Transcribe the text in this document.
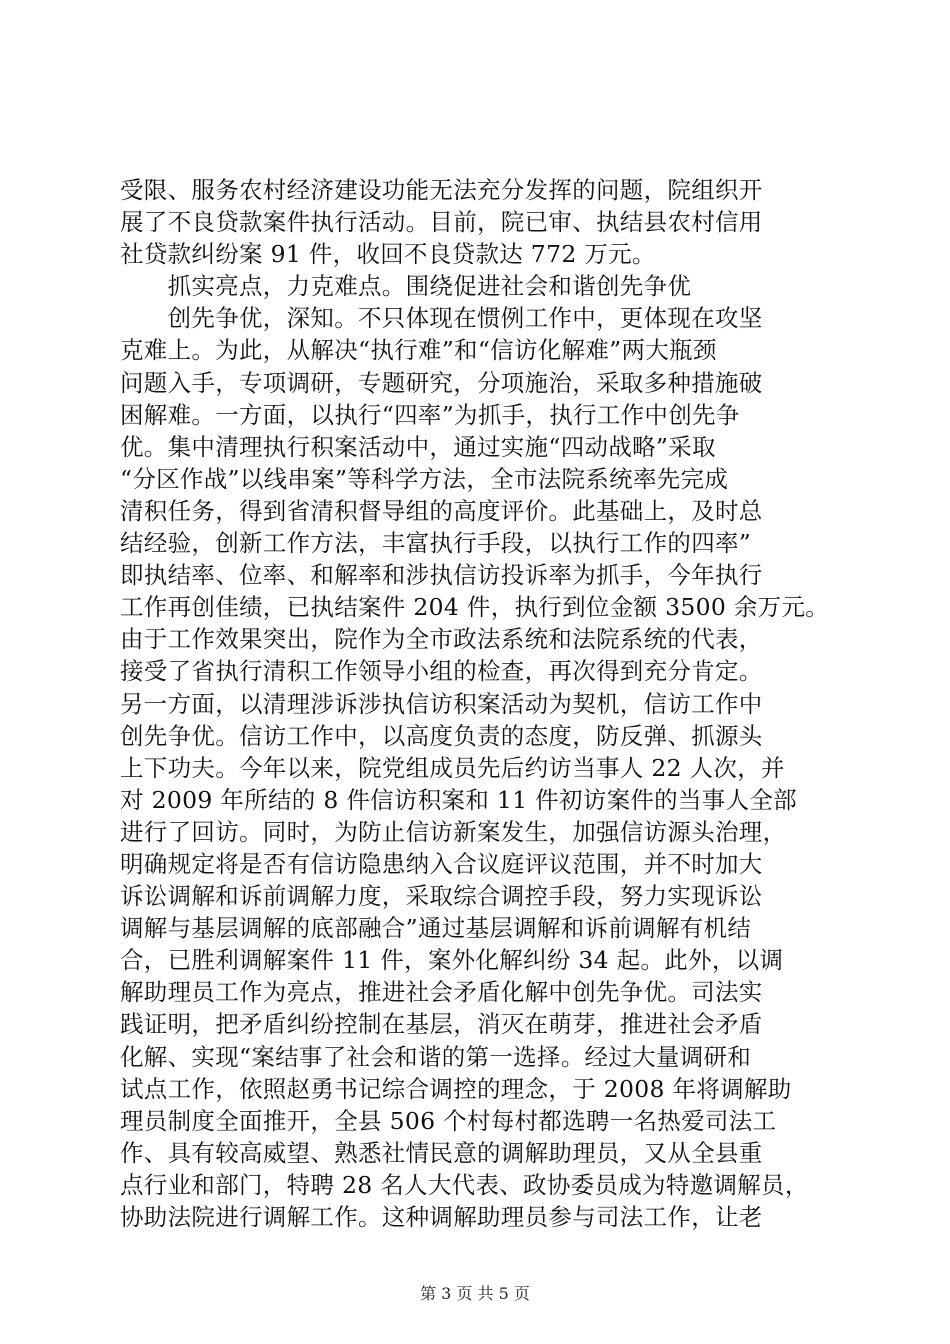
受限、服务农村经济建设功能无法充分发挥的问题，院组织开
展了不良贷款案件执行活动。目前，院已审、执结县农村信用
社贷款纠纷案 91 件，收回不良贷款达 772 万元。
　　抓实亮点，力克难点。围绕促进社会和谐创先争优
　　创先争优，深知。不只体现在惯例工作中，更体现在攻坚
克难上。为此，从解决“执行难”和“信访化解难”两大瓶颈
问题入手，专项调研，专题研究，分项施治，采取多种措施破
困解难。一方面，以执行“四率”为抓手，执行工作中创先争
优。集中清理执行积案活动中，通过实施“四动战略”采取
“分区作战”以线串案”等科学方法，全市法院系统率先完成
清积任务，得到省清积督导组的高度评价。此基础上，及时总
结经验，创新工作方法，丰富执行手段，以执行工作的四率”
即执结率、位率、和解率和涉执信访投诉率为抓手，今年执行
工作再创佳绩，已执结案件 204 件，执行到位金额 3500 余万元。
由于工作效果突出，院作为全市政法系统和法院系统的代表，
接受了省执行清积工作领导小组的检查，再次得到充分肯定。
另一方面，以清理涉诉涉执信访积案活动为契机，信访工作中
创先争优。信访工作中，以高度负责的态度，防反弹、抓源头
上下功夫。今年以来，院党组成员先后约访当事人 22 人次，并
对 2009 年所结的 8 件信访积案和 11 件初访案件的当事人全部
进行了回访。同时，为防止信访新案发生，加强信访源头治理，
明确规定将是否有信访隐患纳入合议庭评议范围，并不时加大
诉讼调解和诉前调解力度，采取综合调控手段，努力实现诉讼
调解与基层调解的底部融合”通过基层调解和诉前调解有机结
合，已胜利调解案件 11 件，案外化解纠纷 34 起。此外，以调
解助理员工作为亮点，推进社会矛盾化解中创先争优。司法实
践证明，把矛盾纠纷控制在基层，消灭在萌芽，推进社会矛盾
化解、实现“案结事了社会和谐的第一选择。经过大量调研和
试点工作，依照赵勇书记综合调控的理念，于 2008 年将调解助
理员制度全面推开，全县 506 个村每村都选聘一名热爱司法工
作、具有较高威望、熟悉社情民意的调解助理员，又从全县重
点行业和部门，特聘 28 名人大代表、政协委员成为特邀调解员，
协助法院进行调解工作。这种调解助理员参与司法工作，让老
第 3 页 共 5 页
